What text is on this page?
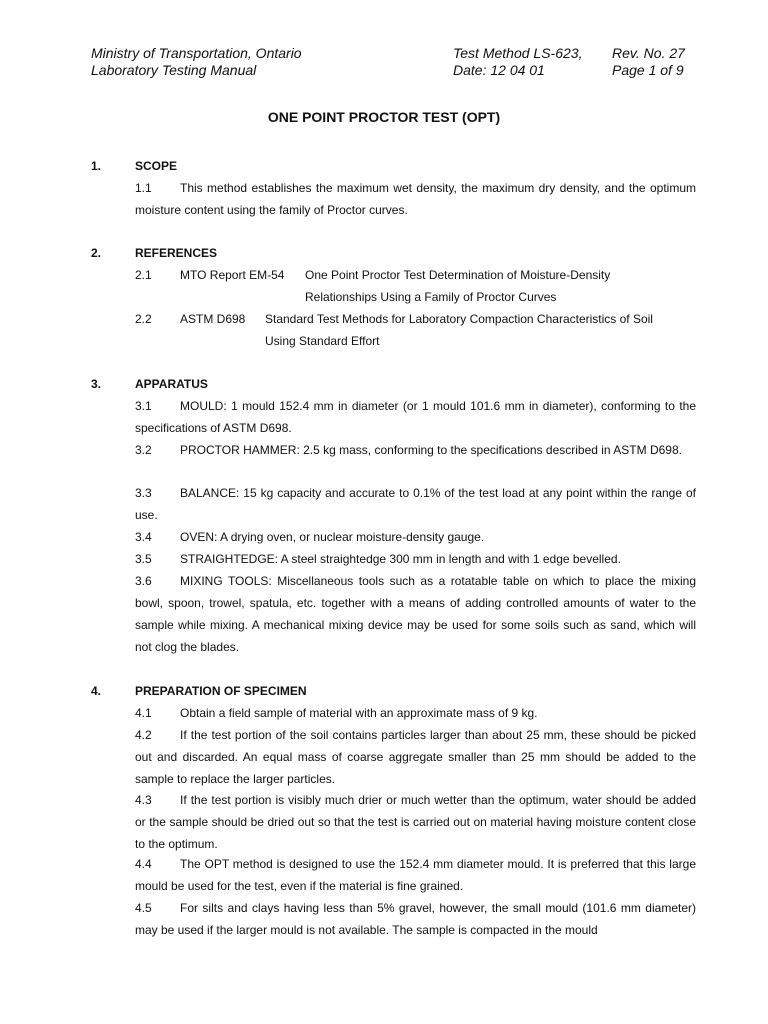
Ministry of Transportation, Ontario
Laboratory Testing Manual
Test Method LS-623,
Date: 12 04 01
Rev. No. 27
Page 1 of 9
ONE POINT PROCTOR TEST (OPT)
1.	SCOPE
1.1 This method establishes the maximum wet density, the maximum dry density, and the optimum moisture content using the family of Proctor curves.
2.	REFERENCES
2.1 MTO Report EM-54 One Point Proctor Test Determination of Moisture-Density
Relationships Using a Family of Proctor Curves
2.2 ASTM D698 Standard Test Methods for Laboratory Compaction Characteristics of Soil
Using Standard Effort
3.	APPARATUS
3.1 MOULD: 1 mould 152.4 mm in diameter (or 1 mould 101.6 mm in diameter), conforming to the specifications of ASTM D698.
3.2 PROCTOR HAMMER: 2.5 kg mass, conforming to the specifications described in ASTM D698.
3.3 BALANCE: 15 kg capacity and accurate to 0.1% of the test load at any point within the range of use.
3.4 OVEN: A drying oven, or nuclear moisture-density gauge.
3.5 STRAIGHTEDGE: A steel straightedge 300 mm in length and with 1 edge bevelled.
3.6 MIXING TOOLS: Miscellaneous tools such as a rotatable table on which to place the mixing bowl, spoon, trowel, spatula, etc. together with a means of adding controlled amounts of water to the sample while mixing. A mechanical mixing device may be used for some soils such as sand, which will not clog the blades.
4.	PREPARATION OF SPECIMEN
4.1 Obtain a field sample of material with an approximate mass of 9 kg.
4.2 If the test portion of the soil contains particles larger than about 25 mm, these should be picked out and discarded. An equal mass of coarse aggregate smaller than 25 mm should be added to the sample to replace the larger particles.
4.3 If the test portion is visibly much drier or much wetter than the optimum, water should be added or the sample should be dried out so that the test is carried out on material having moisture content close to the optimum.
4.4 The OPT method is designed to use the 152.4 mm diameter mould. It is preferred that this large mould be used for the test, even if the material is fine grained.
4.5 For silts and clays having less than 5% gravel, however, the small mould (101.6 mm diameter) may be used if the larger mould is not available. The sample is compacted in the mould
